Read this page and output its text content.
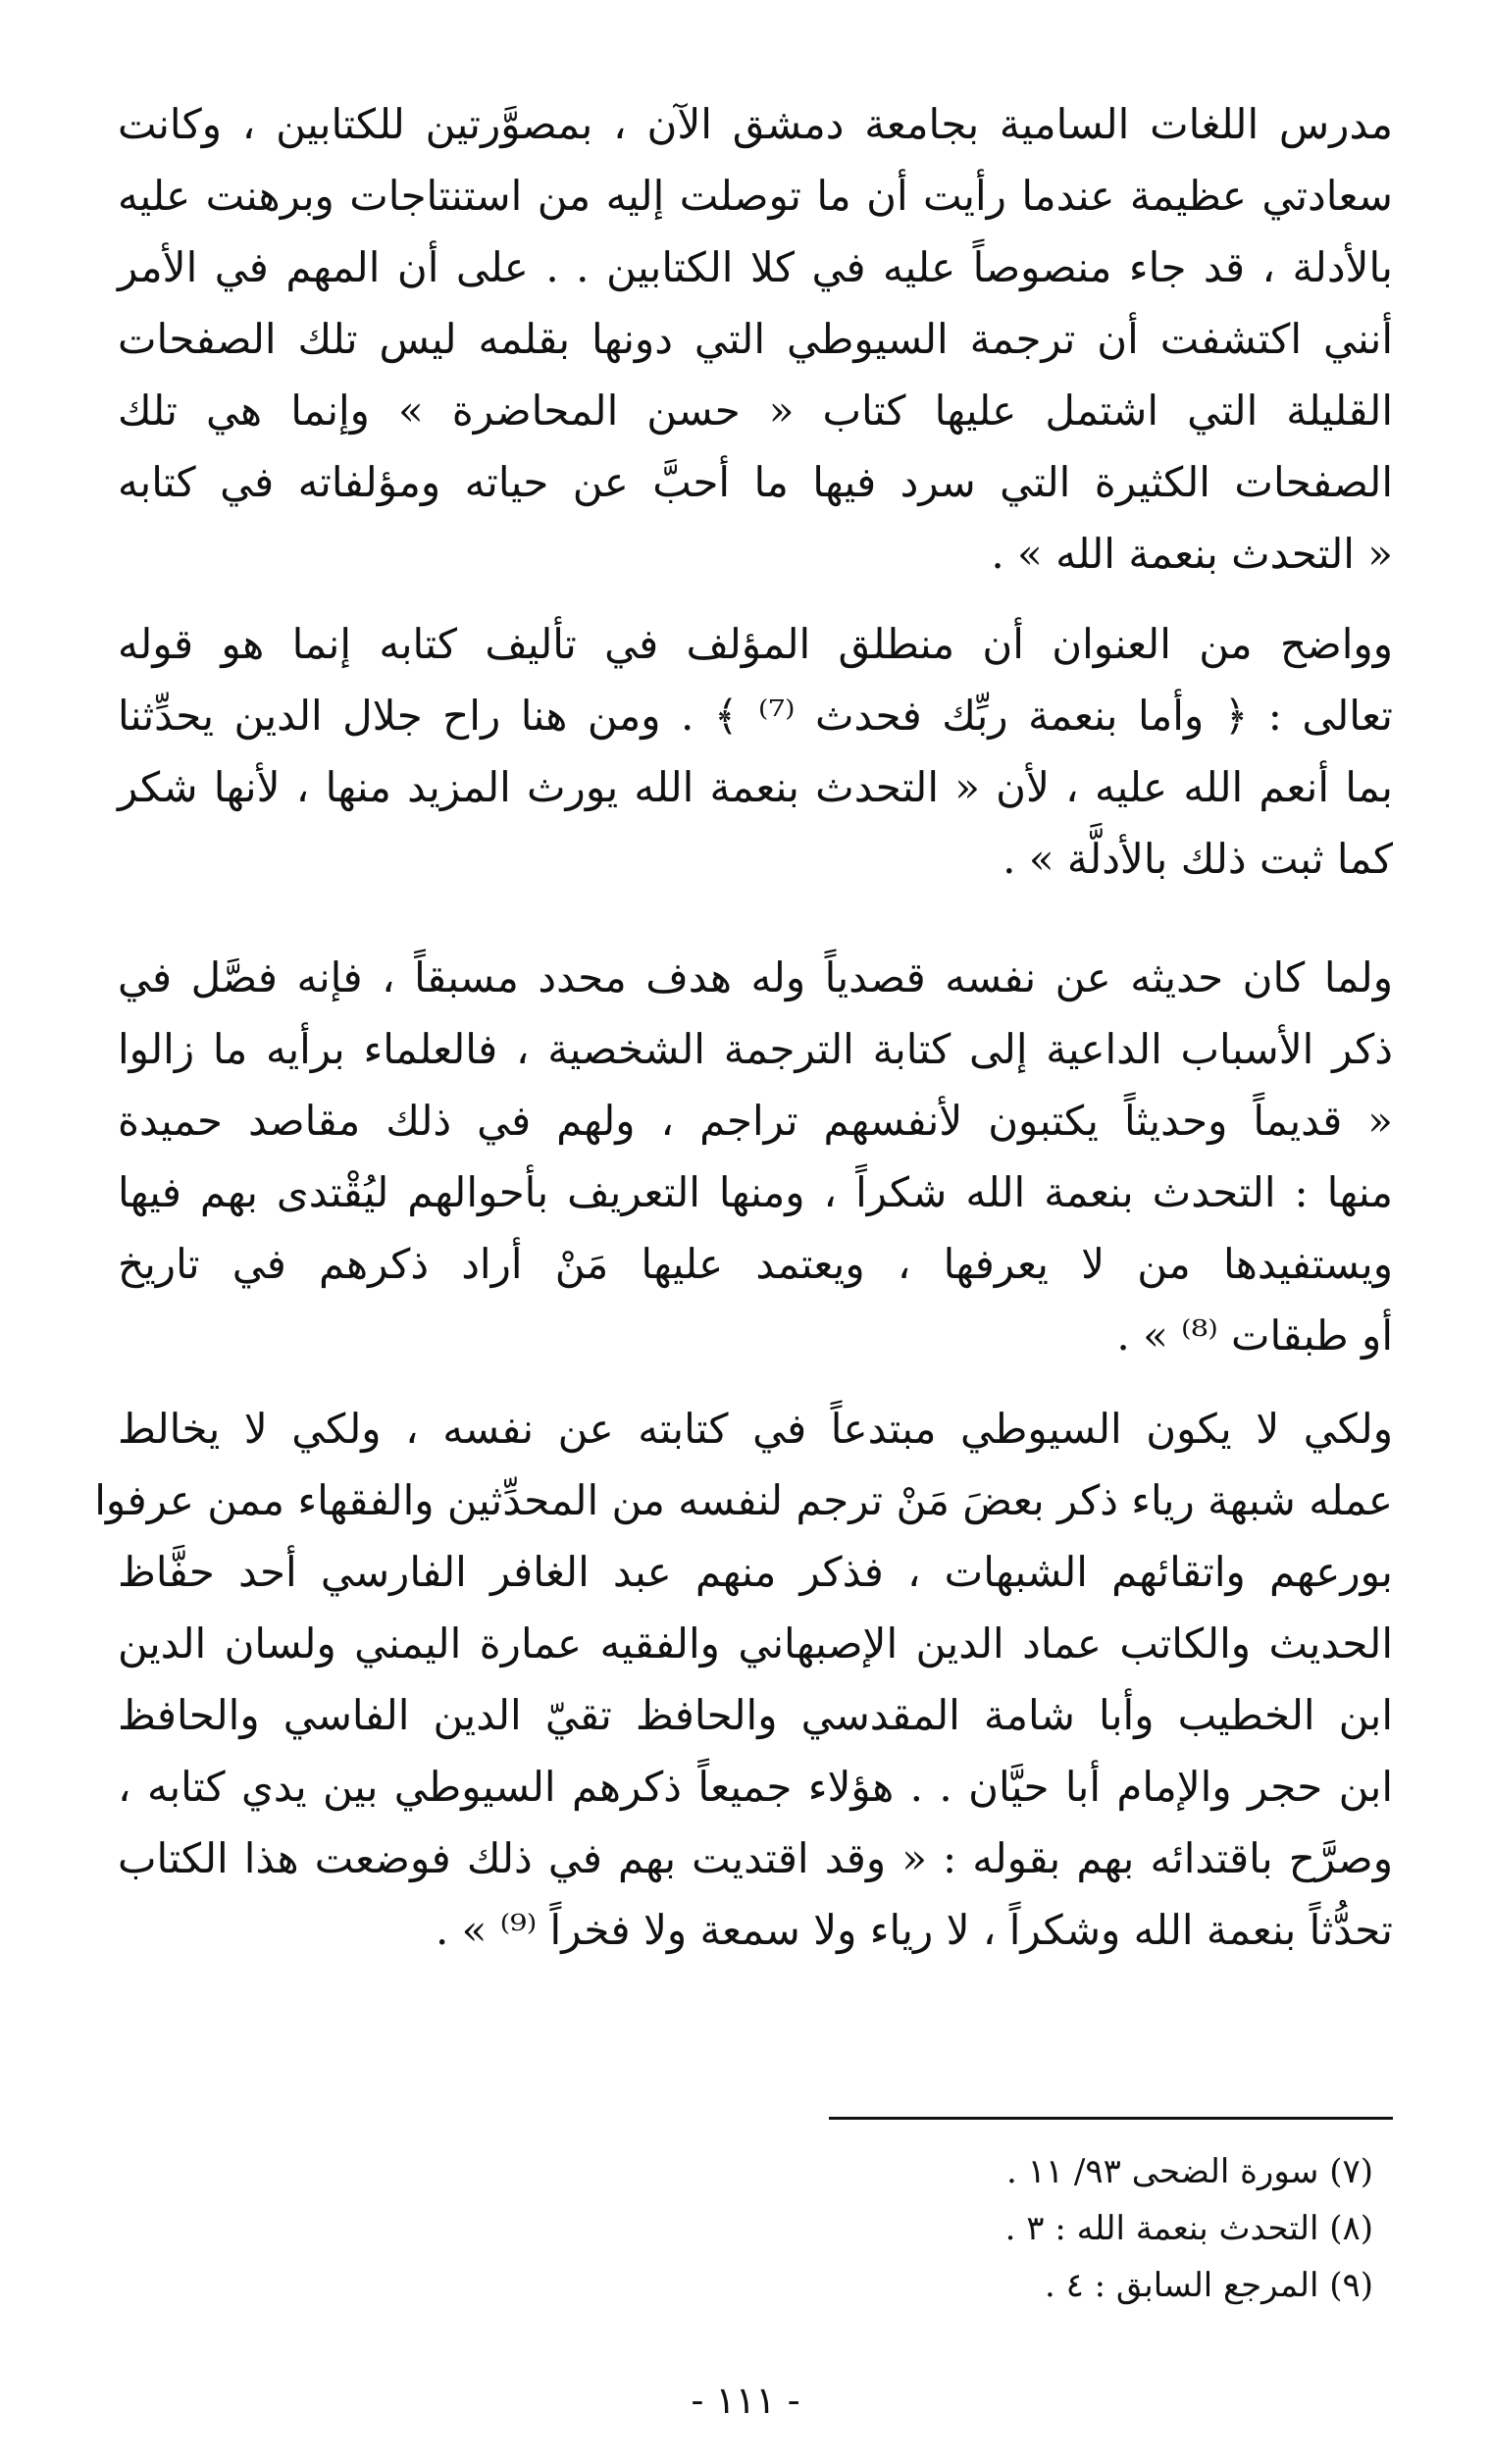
مدرس اللغات السامية بجامعة دمشق الآن ، بمصوَّرتين للكتابين ، وكانت
سعادتي عظيمة عندما رأيت أن ما توصلت إليه من استنتاجات وبرهنت عليه
بالأدلة ، قد جاء منصوصاً عليه في كلا الكتابين . . على أن المهم في الأمر
أنني اكتشفت أن ترجمة السيوطي التي دونها بقلمه ليس تلك الصفحات
القليلة التي اشتمل عليها كتاب « حسن المحاضرة » وإنما هي تلك
الصفحات الكثيرة التي سرد فيها ما أحبَّ عن حياته ومؤلفاته في كتابه
« التحدث بنعمة الله » .
وواضح من العنوان أن منطلق المؤلف في تأليف كتابه إنما هو قوله
تعالى : ﴿ وأما بنعمة ربِّك فحدث ⁽⁷⁾ ﴾ . ومن هنا راح جلال الدين يحدِّثنا
بما أنعم الله عليه ، لأن « التحدث بنعمة الله يورث المزيد منها ، لأنها شكر
كما ثبت ذلك بالأدلَّة » .
ولما كان حديثه عن نفسه قصدياً وله هدف محدد مسبقاً ، فإنه فصَّل في
ذكر الأسباب الداعية إلى كتابة الترجمة الشخصية ، فالعلماء برأيه ما زالوا
« قديماً وحديثاً يكتبون لأنفسهم تراجم ، ولهم في ذلك مقاصد حميدة
منها : التحدث بنعمة الله شكراً ، ومنها التعريف بأحوالهم ليُقْتدى بهم فيها
ويستفيدها من لا يعرفها ، ويعتمد عليها مَنْ أراد ذكرهم في تاريخ
أو طبقات ⁽⁸⁾ » .
ولكي لا يكون السيوطي مبتدعاً في كتابته عن نفسه ، ولكي لا يخالط
عمله شبهة رياء ذكر بعضَ مَنْ ترجم لنفسه من المحدِّثين والفقهاء ممن عرفوا
بورعهم واتقائهم الشبهات ، فذكر منهم عبد الغافر الفارسي أحد حفَّاظ
الحديث والكاتب عماد الدين الإصبهاني والفقيه عمارة اليمني ولسان الدين
ابن الخطيب وأبا شامة المقدسي والحافظ تقيّ الدين الفاسي والحافظ
ابن حجر والإمام أبا حيَّان . . هؤلاء جميعاً ذكرهم السيوطي بين يدي كتابه ،
وصرَّح باقتدائه بهم بقوله : « وقد اقتديت بهم في ذلك فوضعت هذا الكتاب
تحدُّثاً بنعمة الله وشكراً ، لا رياء ولا سمعة ولا فخراً ⁽⁹⁾ » .
(٧) سورة الضحى ٩٣/ ١١ .
(٨) التحدث بنعمة الله : ٣ .
(٩) المرجع السابق : ٤ .
- ١١١ -
